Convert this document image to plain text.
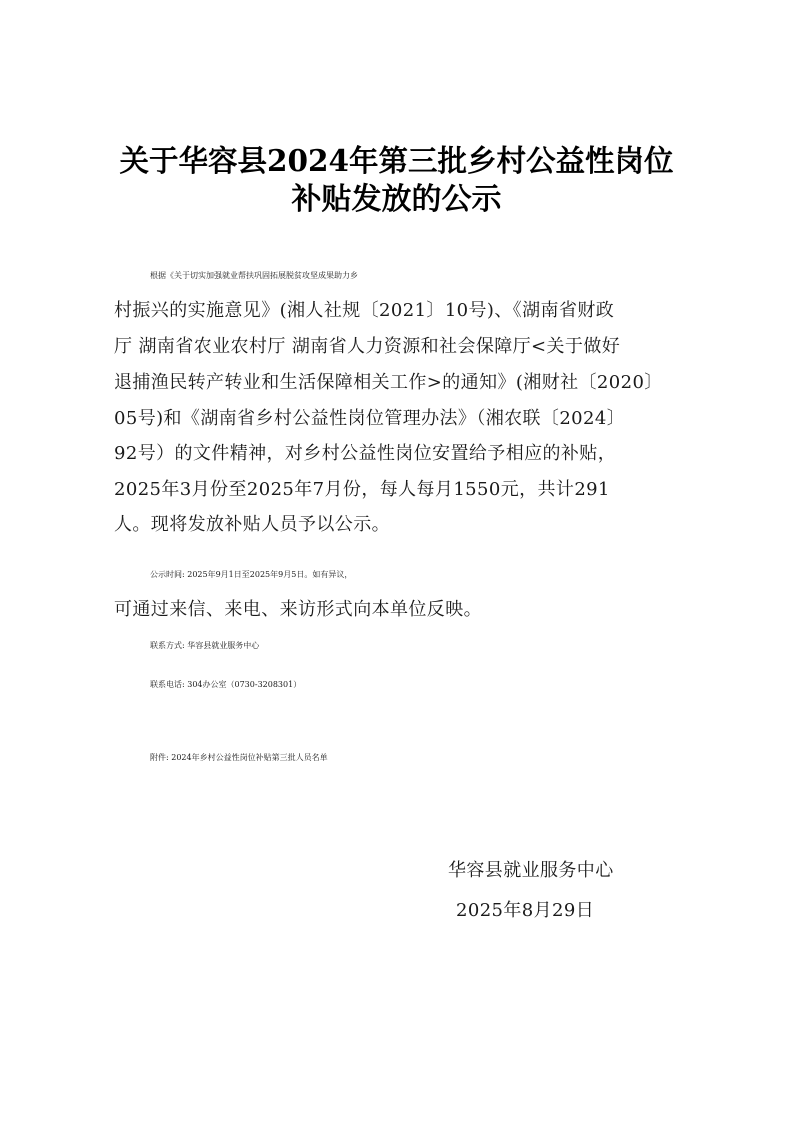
关于华容县2024年第三批乡村公益性岗位
补贴发放的公示
根据《关于切实加强就业帮扶巩固拓展脱贫攻坚成果助力乡
村振兴的实施意见》(湘人社规〔2021〕10号)、《湖南省财政
厅 湖南省农业农村厅 湖南省人力资源和社会保障厅<关于做好
退捕渔民转产转业和生活保障相关工作>的通知》(湘财社〔2020〕
05号)和《湖南省乡村公益性岗位管理办法》（湘农联〔2024〕
92号）的文件精神，对乡村公益性岗位安置给予相应的补贴，
2025年3月份至2025年7月份，每人每月1550元，共计291
人。现将发放补贴人员予以公示。
公示时间: 2025年9月1日至2025年9月5日。如有异议，
可通过来信、来电、来访形式向本单位反映。
联系方式: 华容县就业服务中心
联系电话: 304办公室（0730-3208301）
附件: 2024年乡村公益性岗位补贴第三批人员名单
华容县就业服务中心
2025年8月29日
